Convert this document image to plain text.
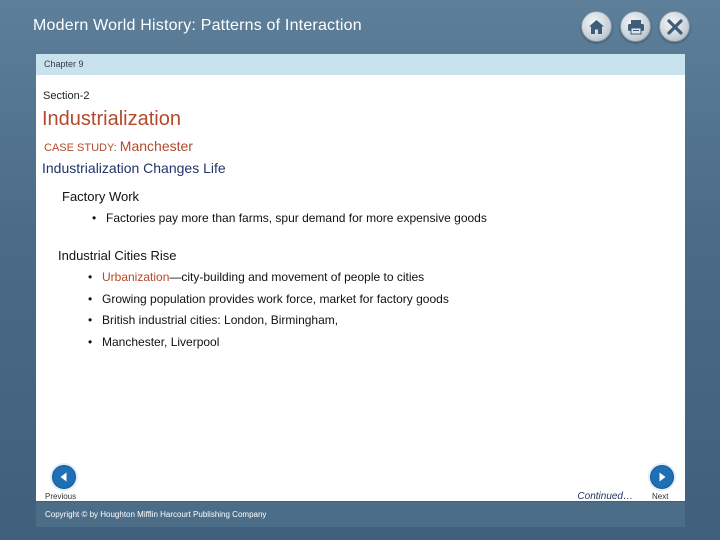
Modern World History: Patterns of Interaction
Chapter 9
Section-2
Industrialization
CASE STUDY: Manchester
Industrialization Changes Life
Factory Work
• Factories pay more than farms, spur demand for more expensive goods
Industrial Cities Rise
• Urbanization—city-building and movement of people to cities
• Growing population provides work force, market for factory goods
• British industrial cities: London, Birmingham,
• Manchester, Liverpool
Previous	Continued… Next
Copyright © by Houghton Mifflin Harcourt Publishing Company
